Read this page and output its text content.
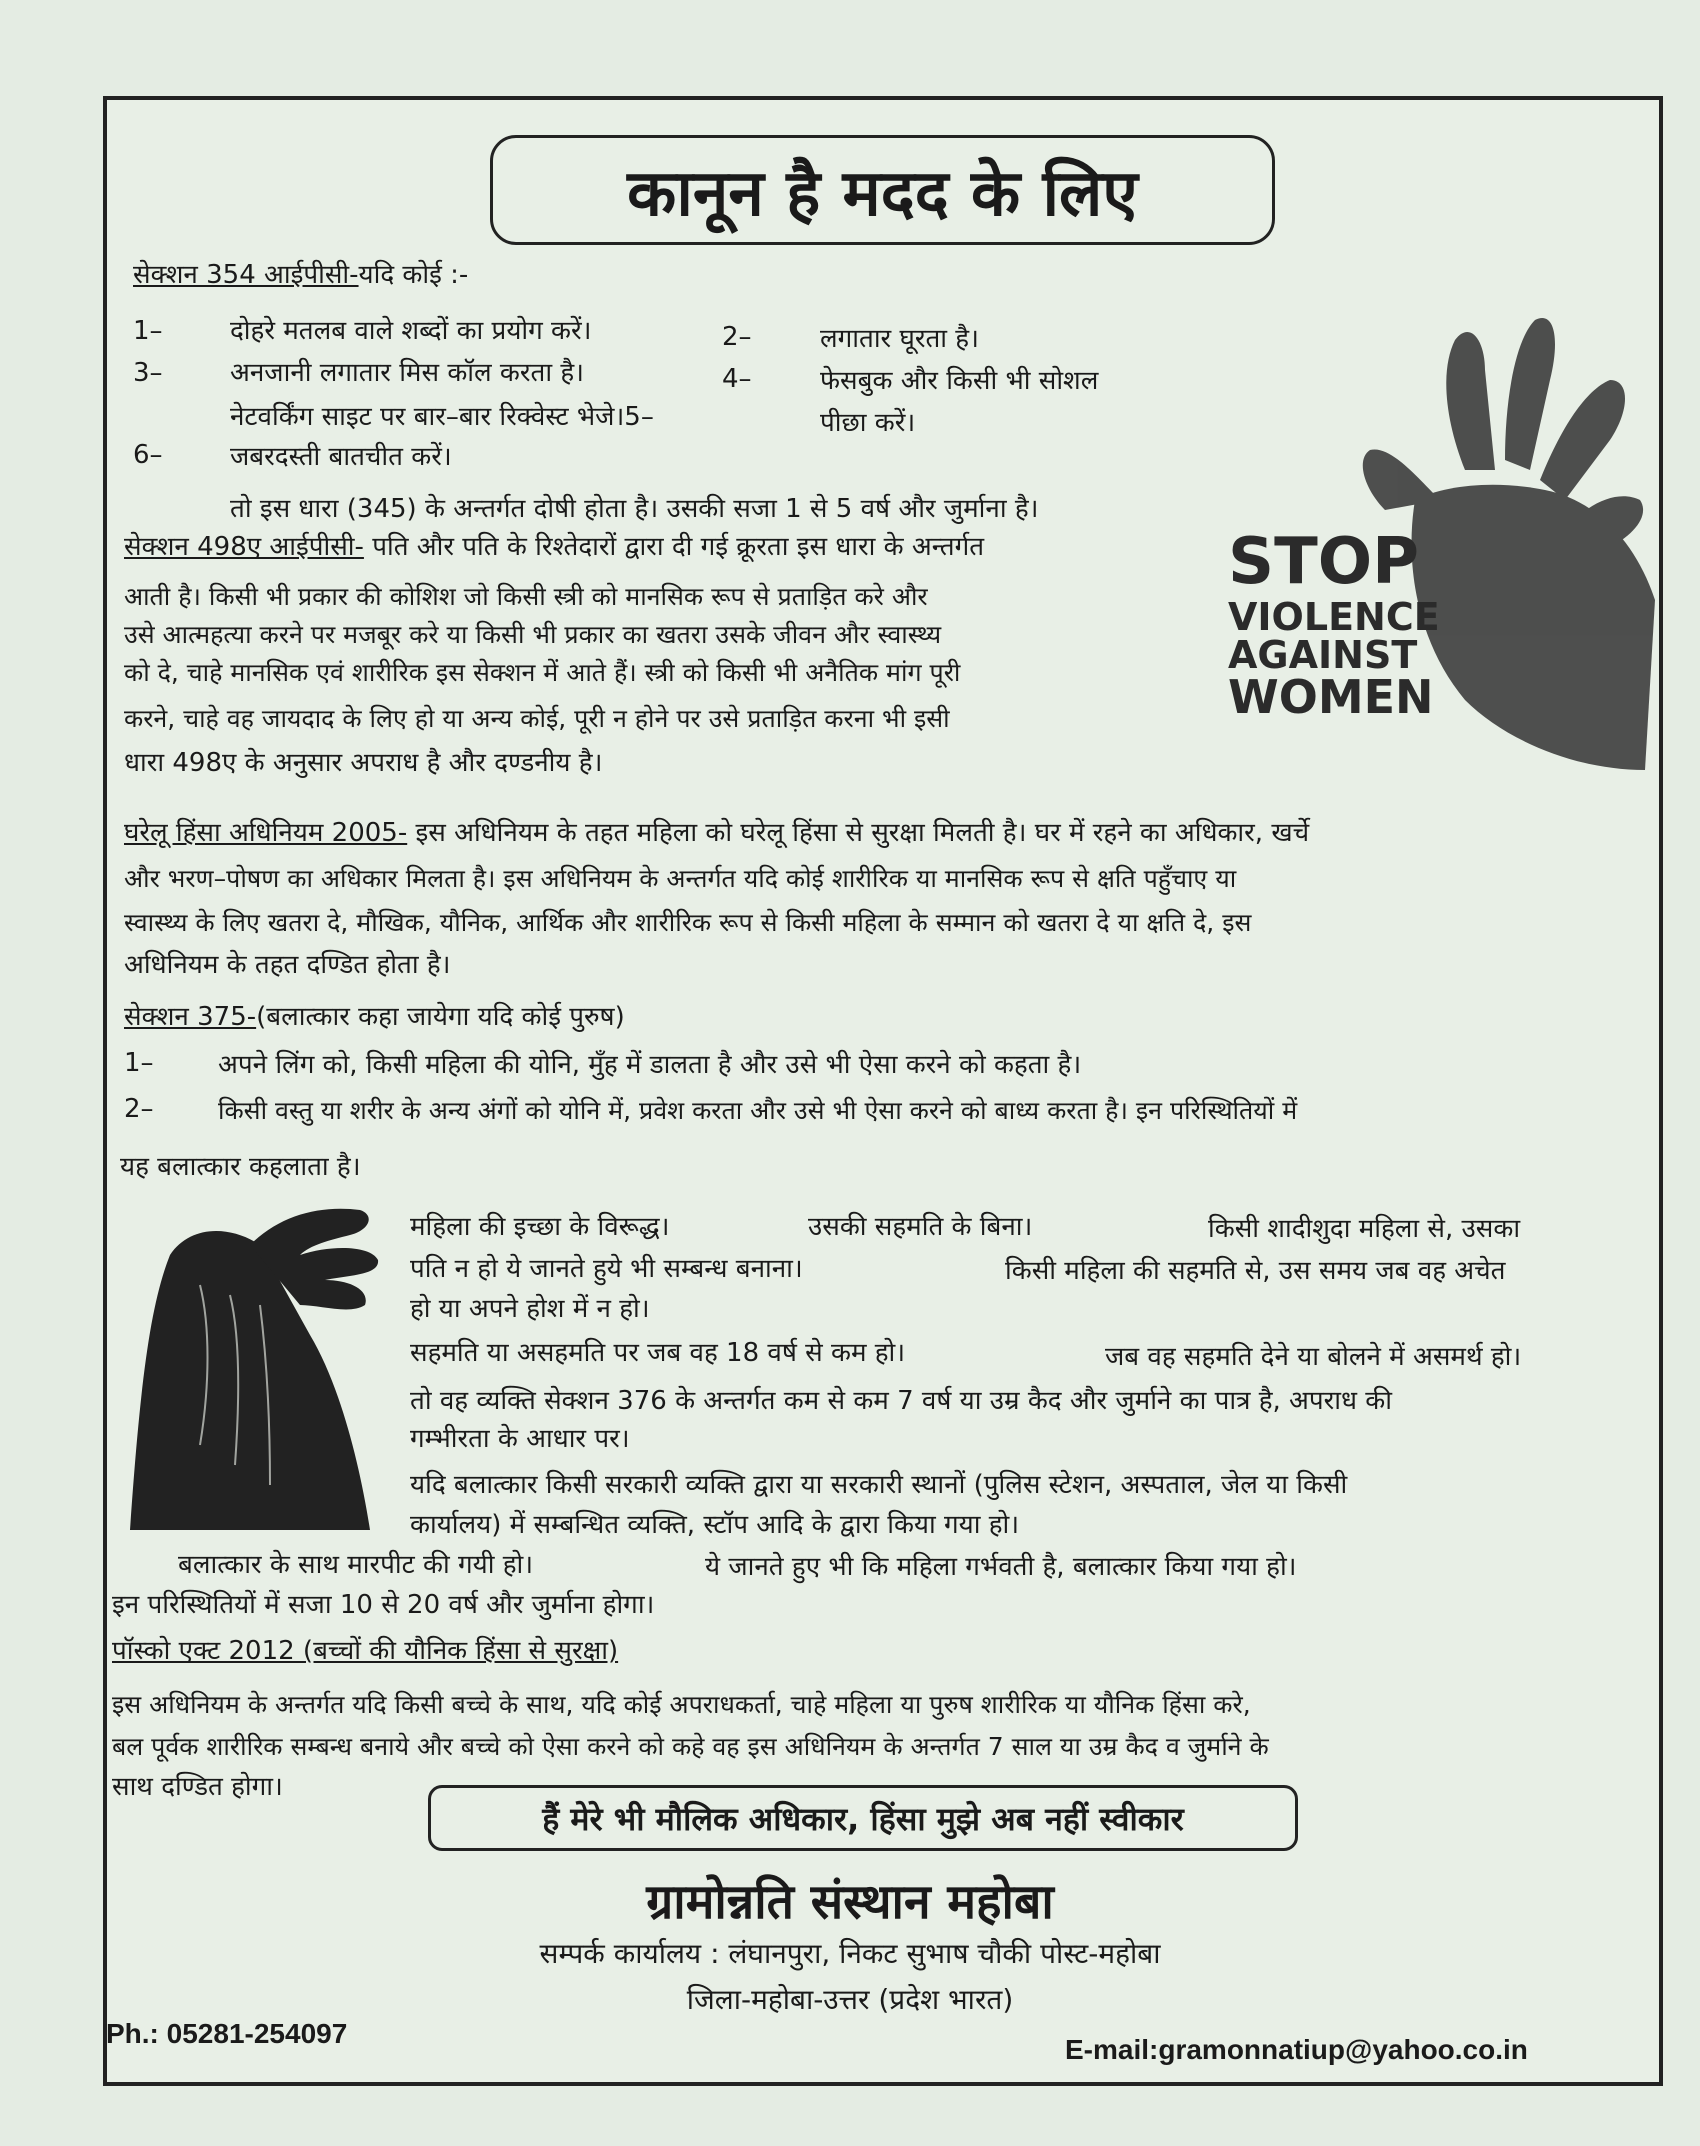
कानून है मदद के लिए
सेक्शन 354 आईपीसी-यदि कोई :-
1–	दोहरे मतलब वाले शब्दों का प्रयोग करें।	2–	लगातार घूरता है।
3–	अनजानी लगातार मिस कॉल करता है।	4–	फेसबुक और किसी भी सोशल
नेटवर्किंग साइट पर बार–बार रिक्वेस्ट भेजे।5–	पीछा करें।
6–	जबरदस्ती बातचीत करें।
तो इस धारा (345) के अन्तर्गत दोषी होता है। उसकी सजा 1 से 5 वर्ष और जुर्माना है।
सेक्शन 498ए आईपीसी- पति और पति के रिश्तेदारों द्वारा दी गई क्रूरता इस धारा के अन्तर्गत
आती है। किसी भी प्रकार की कोशिश जो किसी स्त्री को मानसिक रूप से प्रताड़ित करे और
उसे आत्महत्या करने पर मजबूर करे या किसी भी प्रकार का खतरा उसके जीवन और स्वास्थ्य
को दे, चाहे मानसिक एवं शारीरिक इस सेक्शन में आते हैं। स्त्री को किसी भी अनैतिक मांग पूरी
करने, चाहे वह जायदाद के लिए हो या अन्य कोई, पूरी न होने पर उसे प्रताड़ित करना भी इसी
धारा 498ए के अनुसार अपराध है और दण्डनीय है।
STOP
VIOLENCE
AGAINST
WOMEN
घरेलू हिंसा अधिनियम 2005- इस अधिनियम के तहत महिला को घरेलू हिंसा से सुरक्षा मिलती है। घर में रहने का अधिकार, खर्चे
और भरण–पोषण का अधिकार मिलता है। इस अधिनियम के अन्तर्गत यदि कोई शारीरिक या मानसिक रूप से क्षति पहुँचाए या
स्वास्थ्य के लिए खतरा दे, मौखिक, यौनिक, आर्थिक और शारीरिक रूप से किसी महिला के सम्मान को खतरा दे या क्षति दे, इस
अधिनियम के तहत दण्डित होता है।
सेक्शन 375-(बलात्कार कहा जायेगा यदि कोई पुरुष)
1– अपने लिंग को, किसी महिला की योनि, मुँह में डालता है और उसे भी ऐसा करने को कहता है।
2–	किसी वस्तु या शरीर के अन्य अंगों को योनि में, प्रवेश करता और उसे भी ऐसा करने को बाध्य करता है। इन परिस्थितियों में
यह बलात्कार कहलाता है।
महिला की इच्छा के विरूद्ध।	उसकी सहमति के बिना।	किसी शादीशुदा महिला से, उसका
पति न हो ये जानते हुये भी सम्बन्ध बनाना।	किसी महिला की सहमति से, उस समय जब वह अचेत
हो या अपने होश में न हो।
सहमति या असहमति पर जब वह 18 वर्ष से कम हो।	जब वह सहमति देने या बोलने में असमर्थ हो।
तो वह व्यक्ति सेक्शन 376 के अन्तर्गत कम से कम 7 वर्ष या उम्र कैद और जुर्माने का पात्र है, अपराध की
गम्भीरता के आधार पर।
यदि बलात्कार किसी सरकारी व्यक्ति द्वारा या सरकारी स्थानों (पुलिस स्टेशन, अस्पताल, जेल या किसी
कार्यालय) में सम्बन्धित व्यक्ति, स्टॉप आदि के द्वारा किया गया हो।
बलात्कार के साथ मारपीट की गयी हो।	ये जानते हुए भी कि महिला गर्भवती है, बलात्कार किया गया हो।
इन परिस्थितियों में सजा 10 से 20 वर्ष और जुर्माना होगा।
पॉस्को एक्ट 2012 (बच्चों की यौनिक हिंसा से सुरक्षा)
इस अधिनियम के अन्तर्गत यदि किसी बच्चे के साथ, यदि कोई अपराधकर्ता, चाहे महिला या पुरुष शारीरिक या यौनिक हिंसा करे,
बल पूर्वक शारीरिक सम्बन्ध बनाये और बच्चे को ऐसा करने को कहे वह इस अधिनियम के अन्तर्गत 7 साल या उम्र कैद व जुर्माने के
साथ दण्डित होगा।
हैं मेरे भी मौलिक अधिकार, हिंसा मुझे अब नहीं स्वीकार
ग्रामोन्नति संस्थान महोबा
सम्पर्क कार्यालय : लंघानपुरा, निकट सुभाष चौकी पोस्ट-महोबा
जिला-महोबा-उत्तर (प्रदेश भारत)
Ph.: 05281-254097
E-mail:gramonnatiup@yahoo.co.in
